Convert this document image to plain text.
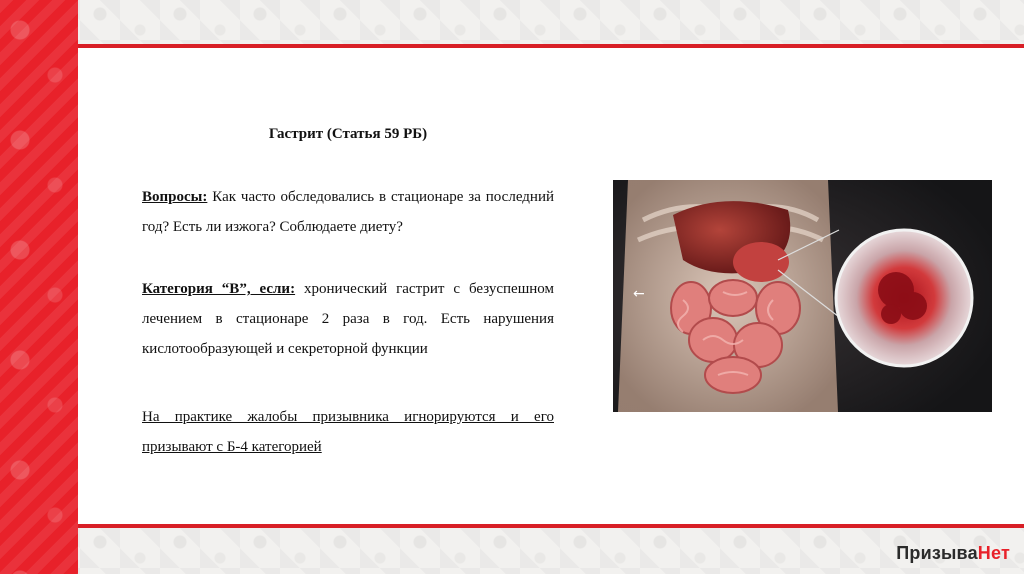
Гастрит (Статья 59 РБ)
Вопросы: Как часто обследовались в стационаре за последний год? Есть ли изжога? Соблюдаете диету?
Категория “В”, если: хронический гастрит с безуспешном лечением в стационаре 2 раза в год. Есть нарушения кислотообразующей и секреторной функции
На практике жалобы призывника игнорируются и его призывают с Б-4 категорией
←
ПризываНет
